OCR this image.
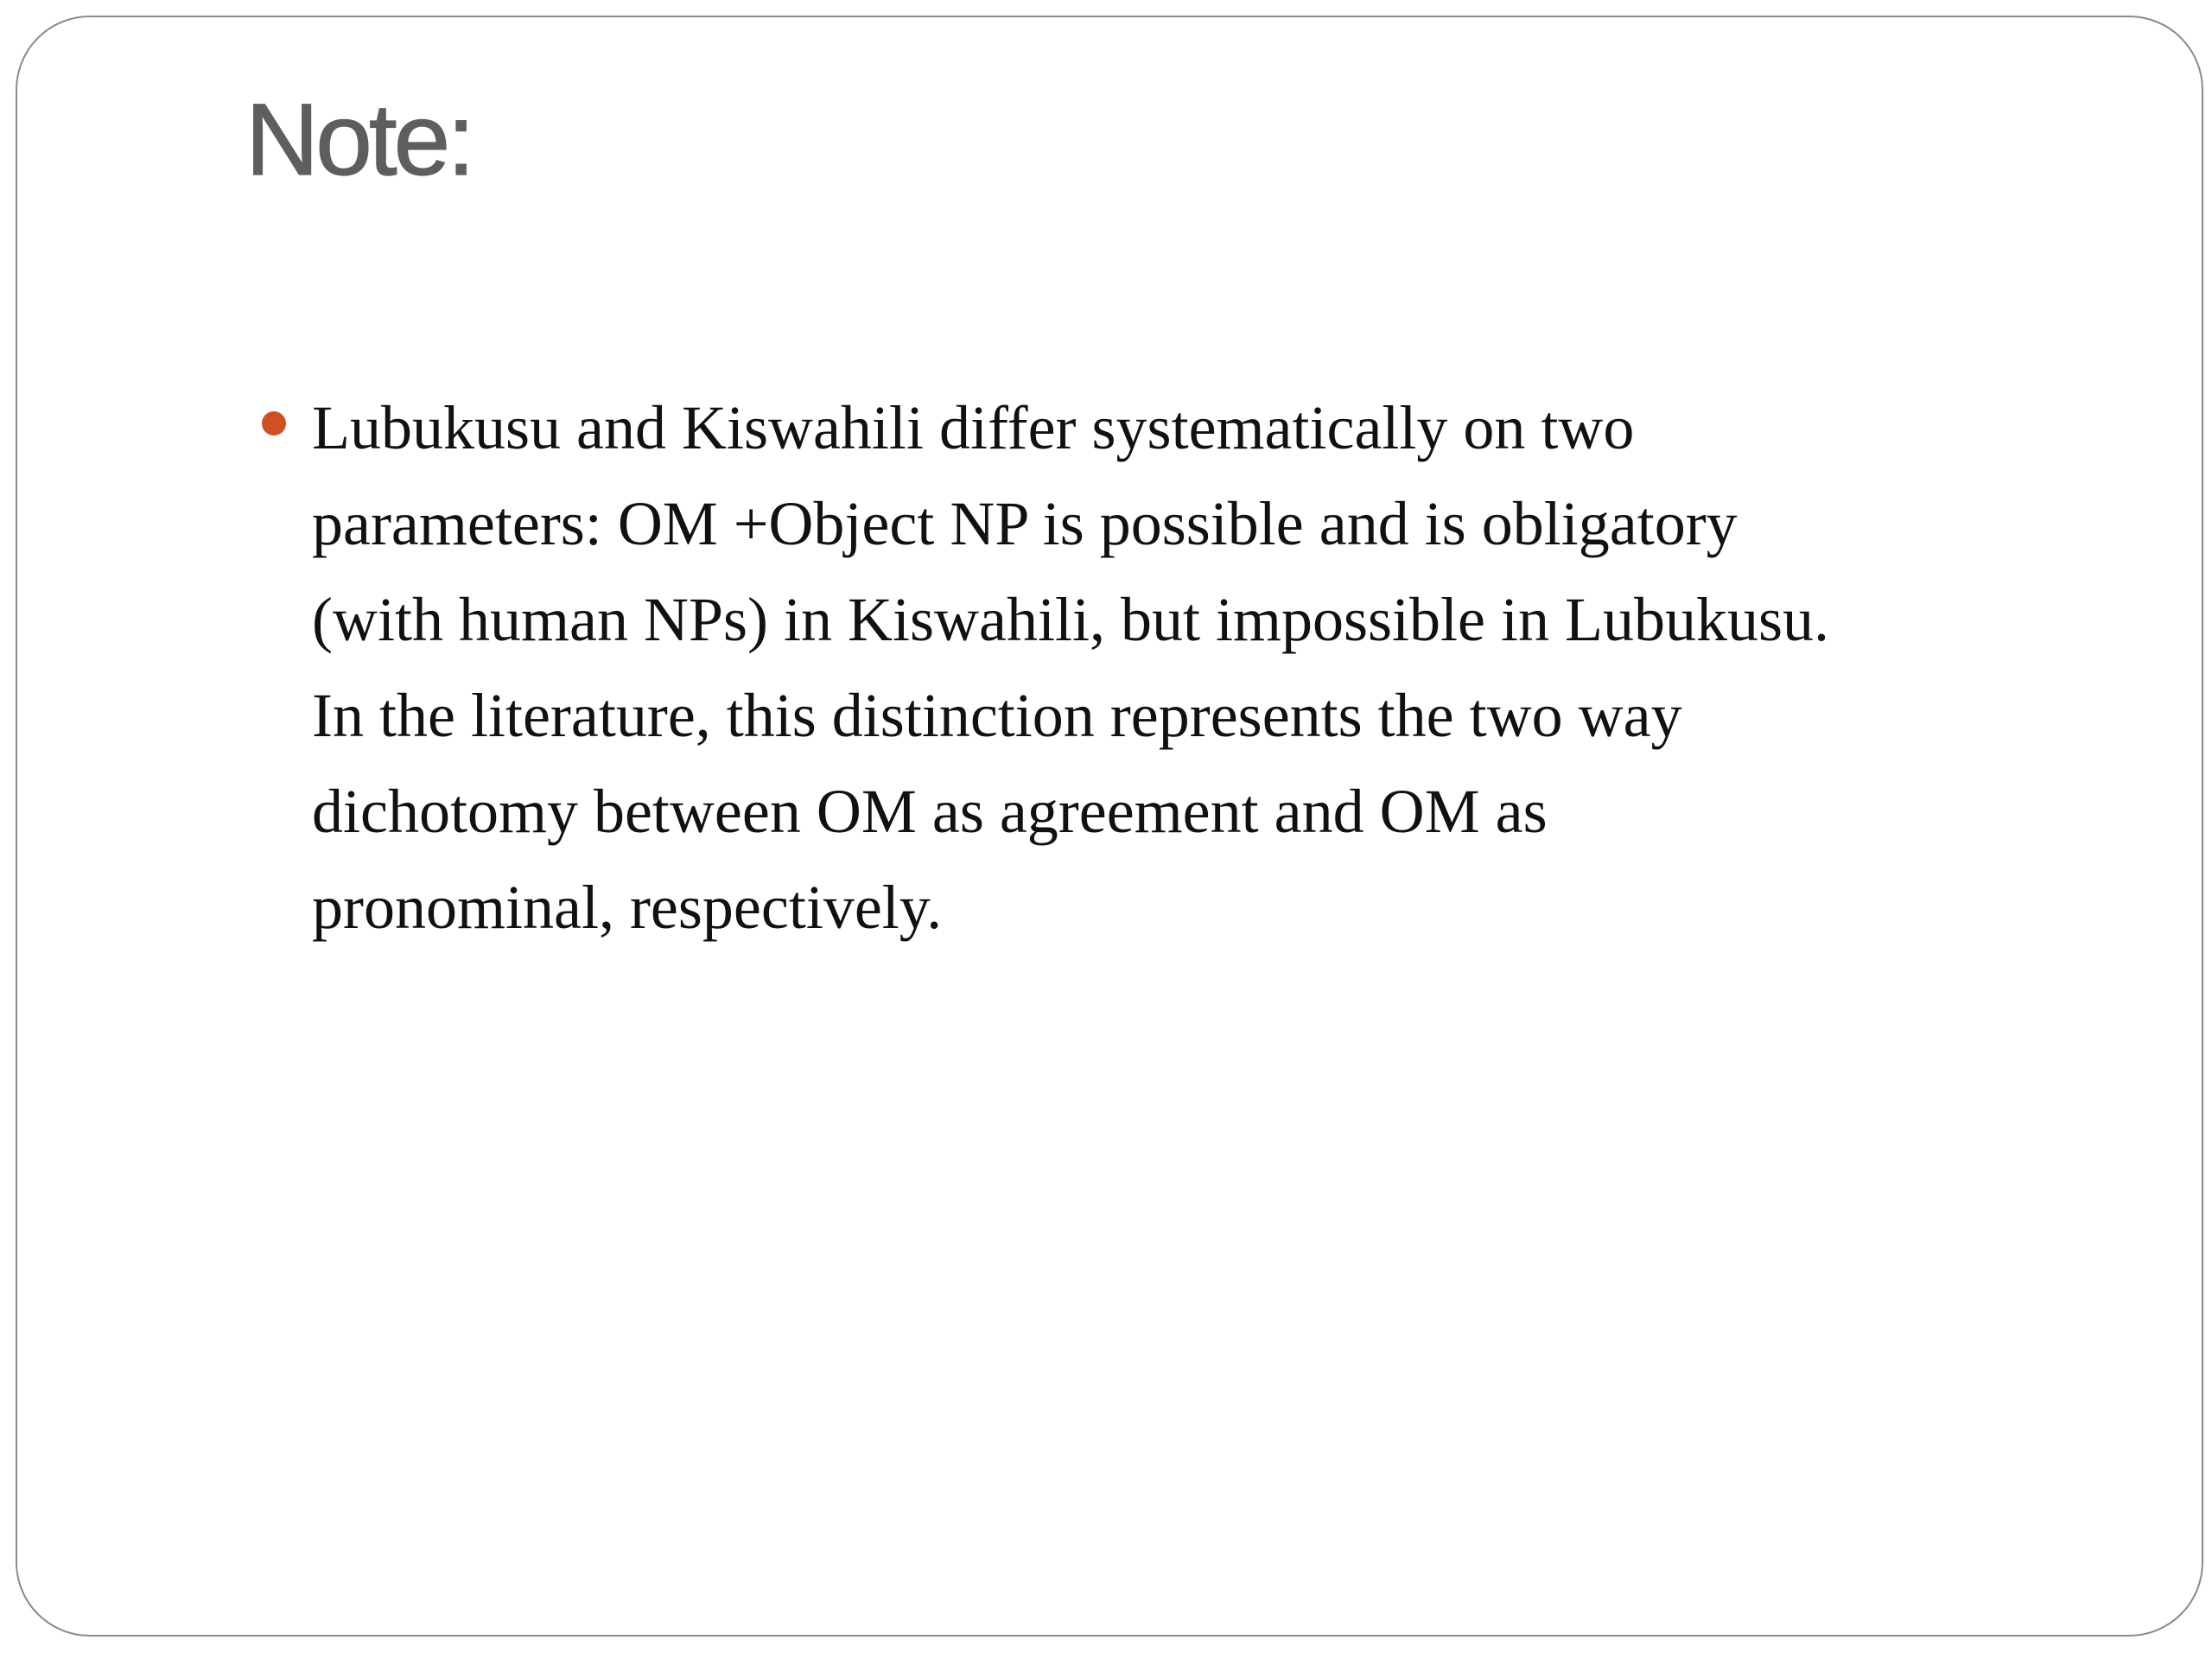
Note:
Lubukusu and Kiswahili differ systematically on two
parameters: OM +Object NP is possible and is obligatory
(with human NPs) in Kiswahili, but impossible in Lubukusu.
In the literature, this distinction represents the two way
dichotomy between OM as agreement and OM as
pronominal, respectively.
